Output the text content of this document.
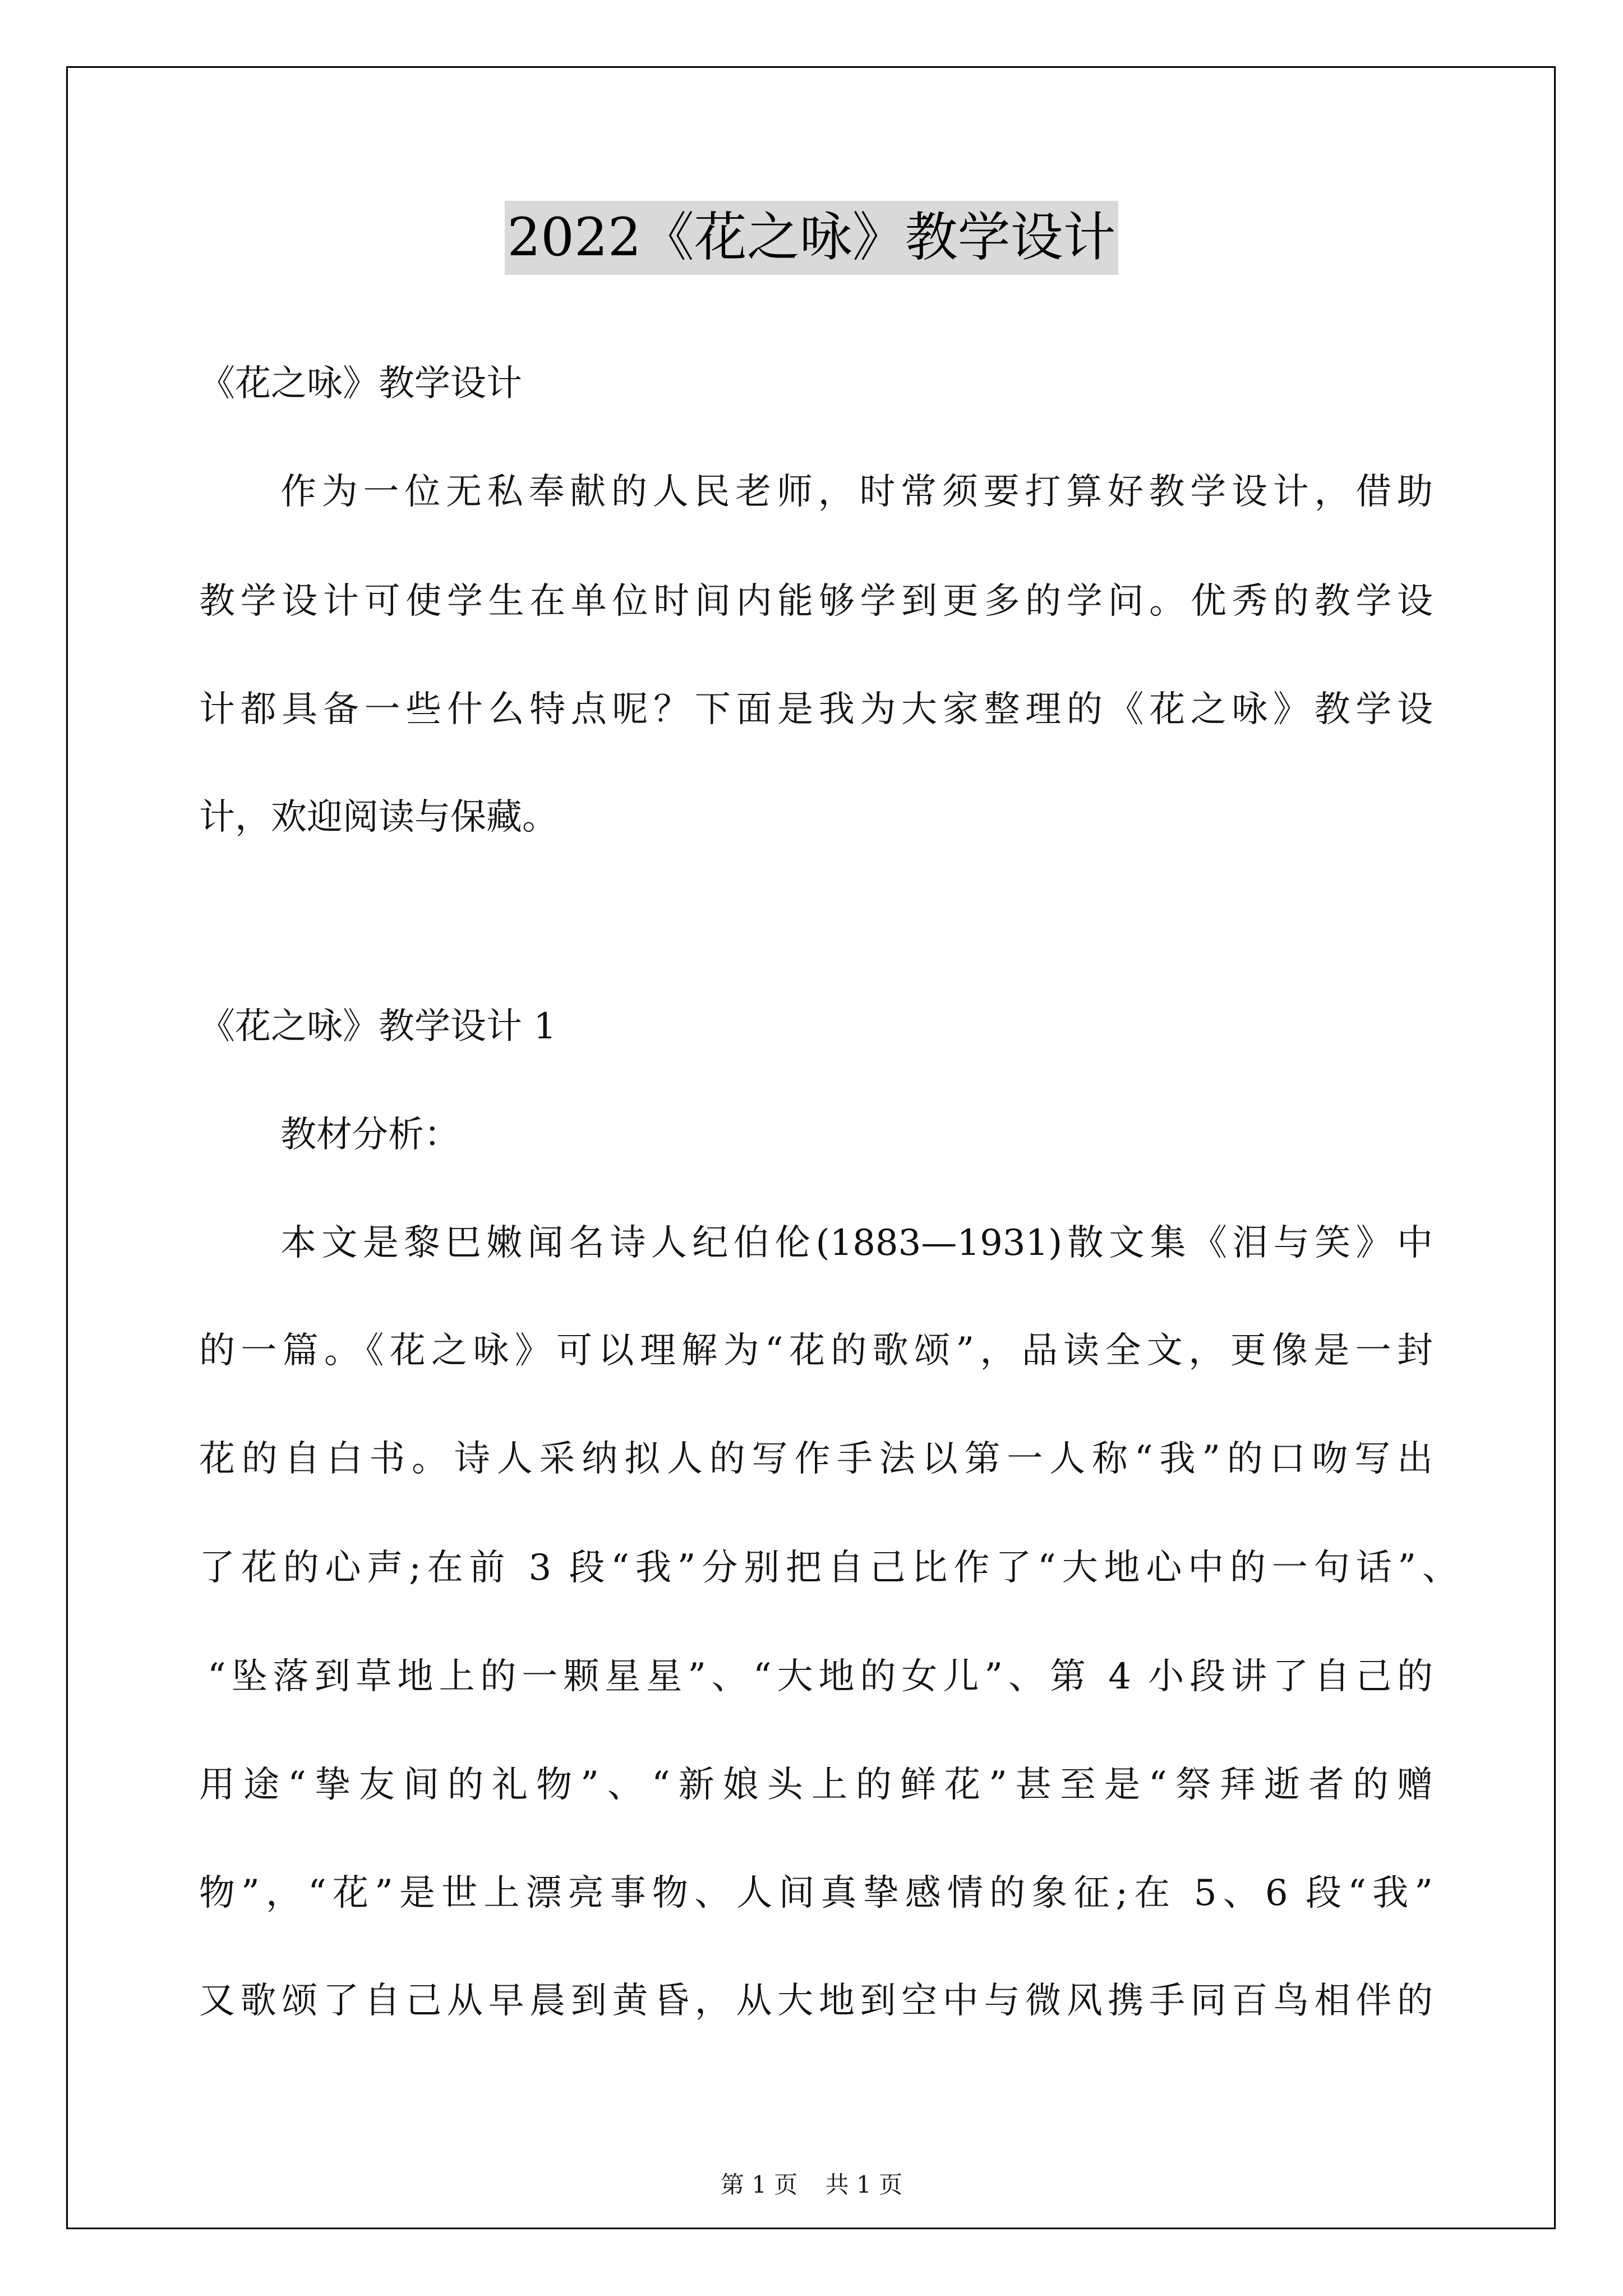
2022《花之咏》教学设计
《花之咏》教学设计
作为一位无私奉献的人民老师，时常须要打算好教学设计，借助
教学设计可使学生在单位时间内能够学到更多的学问。优秀的教学设
计都具备一些什么特点呢？下面是我为大家整理的《花之咏》教学设
计，欢迎阅读与保藏。
《花之咏》教学设计 1
教材分析：
本文是黎巴嫩闻名诗人纪伯伦(1883—1931)散文集《泪与笑》中
的一篇。《花之咏》可以理解为“花的歌颂”，品读全文，更像是一封
花的自白书。诗人采纳拟人的写作手法以第一人称“我”的口吻写出
了花的心声;在前 3 段“我”分别把自己比作了“大地心中的一句话”、
“坠落到草地上的一颗星星”、“大地的女儿”、第 4 小段讲了自己的
用途“挚友间的礼物”、“新娘头上的鲜花”甚至是“祭拜逝者的赠
物”，“花”是世上漂亮事物、人间真挚感情的象征;在 5、6 段“我”
又歌颂了自己从早晨到黄昏，从大地到空中与微风携手同百鸟相伴的
第 1 页 共 1 页
